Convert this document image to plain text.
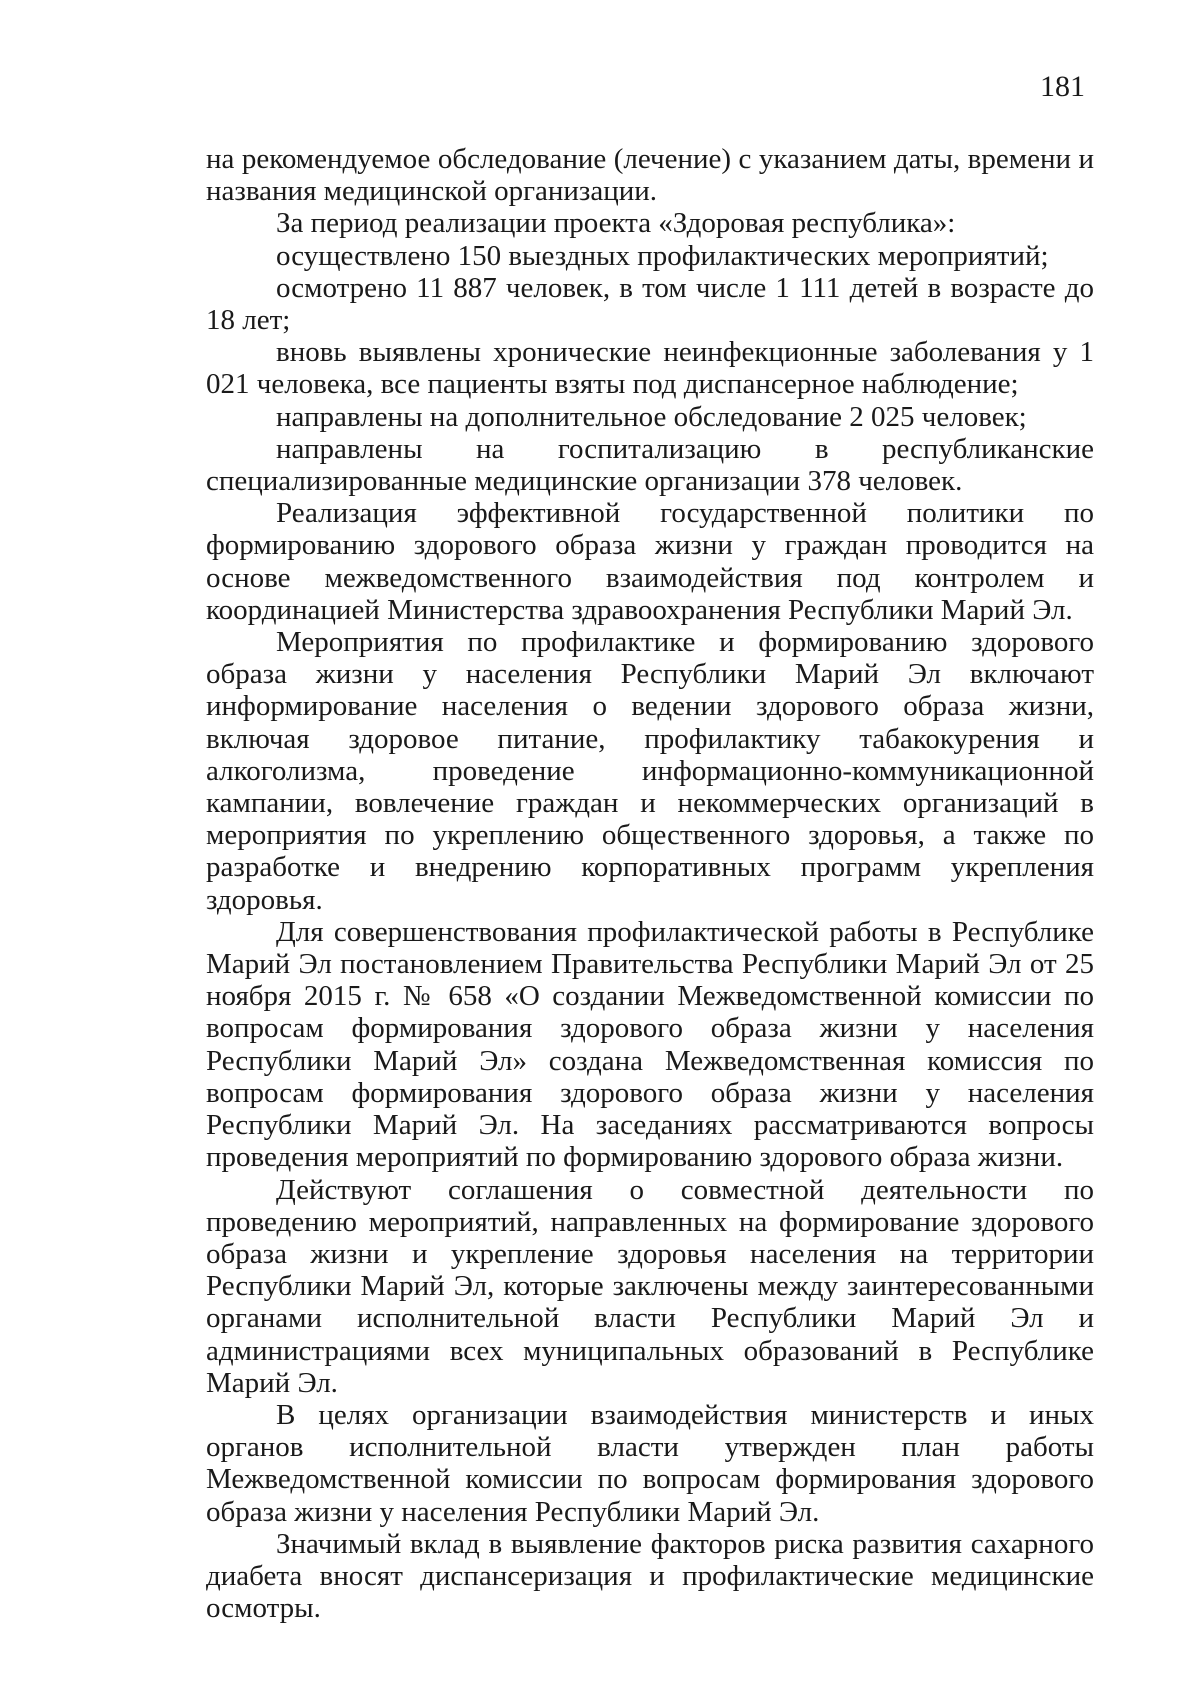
181

на рекомендуемое обследование (лечение) с указанием даты, времени и названия медицинской организации.

За период реализации проекта «Здоровая республика»:

осуществлено 150 выездных профилактических мероприятий;

осмотрено 11 887 человек, в том числе 1 111 детей в возрасте до 18 лет;

вновь выявлены хронические неинфекционные заболевания у 1 021 человека, все пациенты взяты под диспансерное наблюдение;

направлены на дополнительное обследование 2 025 человек;

направлены на госпитализацию в республиканские специализированные медицинские организации 378 человек.

Реализация эффективной государственной политики по формированию здорового образа жизни у граждан проводится на основе межведомственного взаимодействия под контролем и координацией Министерства здравоохранения Республики Марий Эл.

Мероприятия по профилактике и формированию здорового образа жизни у населения Республики Марий Эл включают информирование населения о ведении здорового образа жизни, включая здоровое питание, профилактику табакокурения и алкоголизма, проведение информационно-коммуникационной кампании, вовлечение граждан и некоммерческих организаций в мероприятия по укреплению общественного здоровья, а также по разработке и внедрению корпоративных программ укрепления здоровья.

Для совершенствования профилактической работы в Республике Марий Эл постановлением Правительства Республики Марий Эл от 25 ноября 2015 г. № 658 «О создании Межведомственной комиссии по вопросам формирования здорового образа жизни у населения Республики Марий Эл» создана Межведомственная комиссия по вопросам формирования здорового образа жизни у населения Республики Марий Эл. На заседаниях рассматриваются вопросы проведения мероприятий по формированию здорового образа жизни.

Действуют соглашения о совместной деятельности по проведению мероприятий, направленных на формирование здорового образа жизни и укрепление здоровья населения на территории Республики Марий Эл, которые заключены между заинтересованными органами исполнительной власти Республики Марий Эл и администрациями всех муниципальных образований в Республике Марий Эл.

В целях организации взаимодействия министерств и иных органов исполнительной власти утвержден план работы Межведомственной комиссии по вопросам формирования здорового образа жизни у населения Республики Марий Эл.

Значимый вклад в выявление факторов риска развития сахарного диабета вносят диспансеризация и профилактические медицинские осмотры.
